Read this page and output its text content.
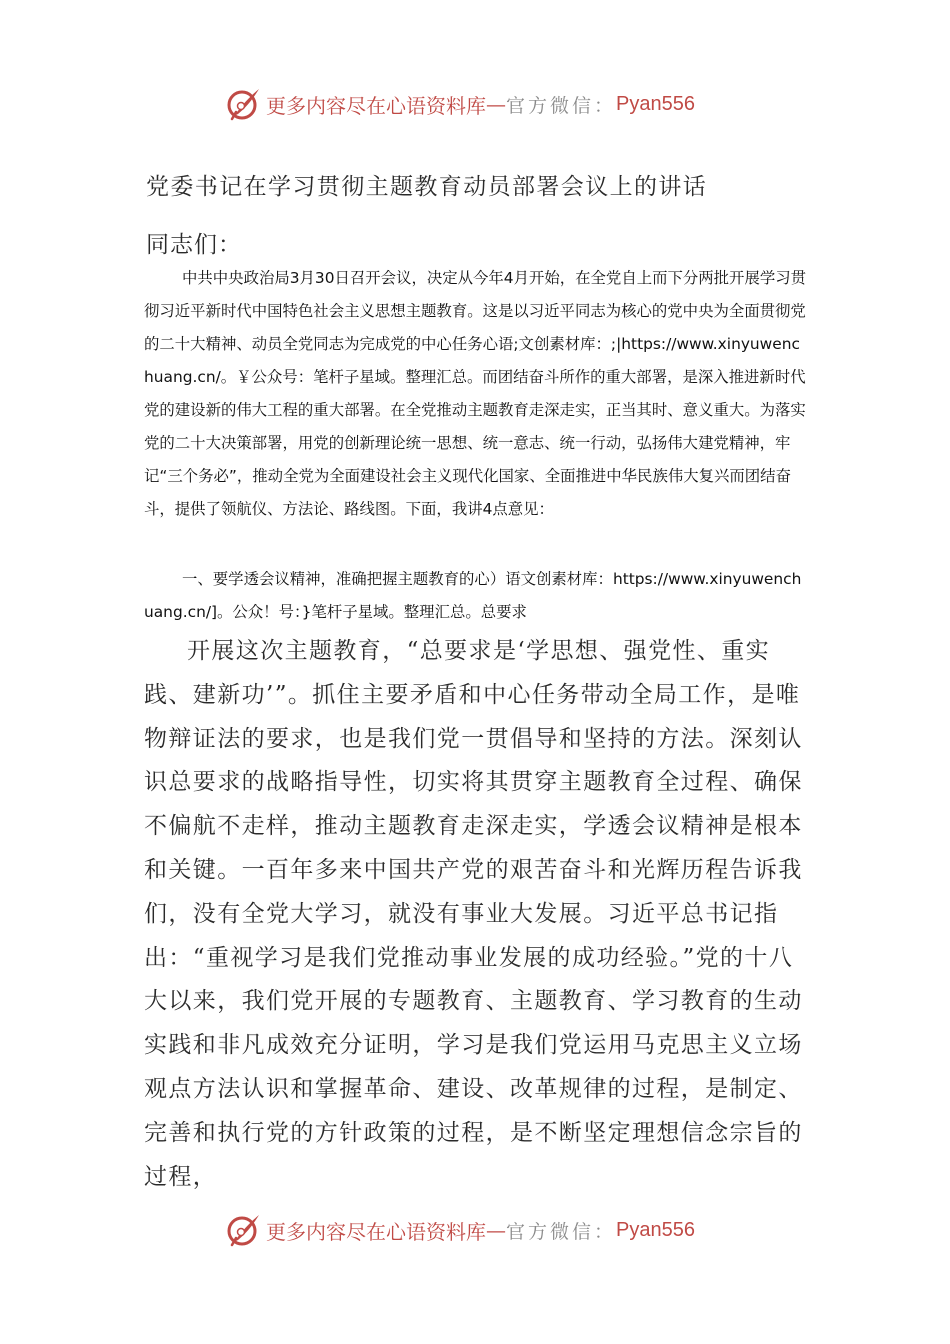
更多内容尽在心语资料库 — 官方微信： Pyan556
党委书记在学习贯彻主题教育动员部署会议上的讲话

同志们：

中共中央政治局3月30日召开会议，决定从今年4月开始，在全党自上而下分两批开展学习贯彻习近平新时代中国特色社会主义思想主题教育。这是以习近平同志为核心的党中央为全面贯彻党的二十大精神、动员全党同志为完成党的中心任务心语;文创素材库：;|https://www.xinyuwenchuang.cn/。￥公众号：笔杆子星域。整理汇总。而团结奋斗所作的重大部署，是深入推进新时代党的建设新的伟大工程的重大部署。在全党推动主题教育走深走实，正当其时、意义重大。为落实党的二十大决策部署，用党的创新理论统一思想、统一意志、统一行动，弘扬伟大建党精神，牢记“三个务必”，推动全党为全面建设社会主义现代化国家、全面推进中华民族伟大复兴而团结奋斗，提供了领航仪、方法论、路线图。下面，我讲4点意见：

一、要学透会议精神，准确把握主题教育的心）语文创素材库：https://www.xinyuwenchuang.cn/]。公众！号：}笔杆子星域。整理汇总。总要求

开展这次主题教育，“总要求是‘学思想、强党性、重实践、建新功’”。抓住主要矛盾和中心任务带动全局工作，是唯物辩证法的要求，也是我们党一贯倡导和坚持的方法。深刻认识总要求的战略指导性，切实将其贯穿主题教育全过程、确保不偏航不走样，推动主题教育走深走实，学透会议精神是根本和关键。一百年多来中国共产党的艰苦奋斗和光辉历程告诉我们，没有全党大学习，就没有事业大发展。习近平总书记指出：“重视学习是我们党推动事业发展的成功经验。”党的十八大以来，我们党开展的专题教育、主题教育、学习教育的生动实践和非凡成效充分证明，学习是我们党运用马克思主义立场观点方法认识和掌握革命、建设、改革规律的过程，是制定、完善和执行党的方针政策的过程，是不断坚定理想信念宗旨的过程，

更多内容尽在心语资料库 — 官方微信： Pyan556
